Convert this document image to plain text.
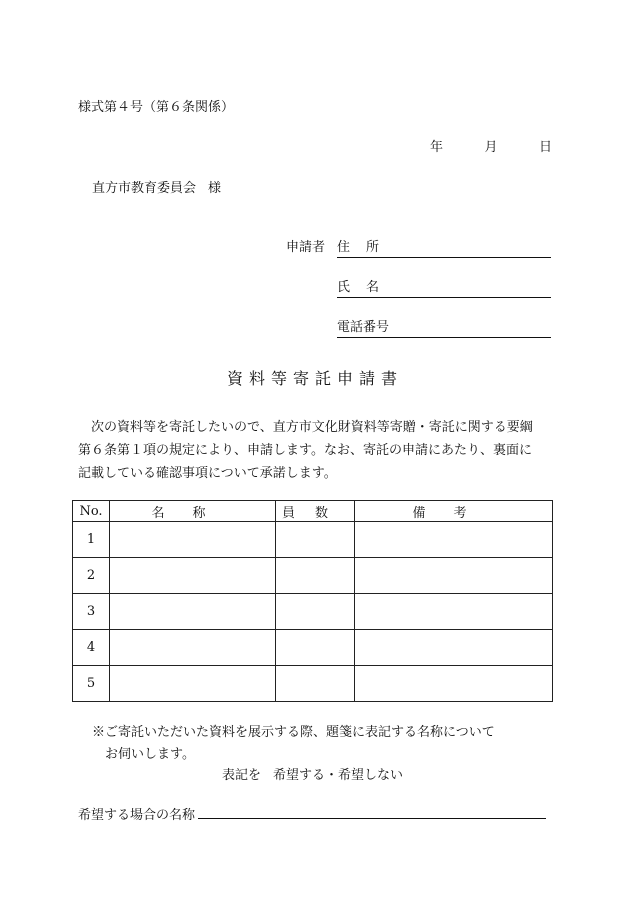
様式第４号（第６条関係）
年	月	日
直方市教育委員会 様
申請者 住所
氏名
電話番号
資料等寄託申請書
次の資料等を寄託したいので、直方市文化財資料等寄贈・寄託に関する要綱
第６条第１項の規定により、申請します。なお、寄託の申請にあたり、裏面に
記載している確認事項について承諾します。
No.	名称	員数	備考
1			
2			
3			
4			
5			
※ご寄託いただいた資料を展示する際、題箋に表記する名称について
お伺いします。
表記を 希望する・希望しない
希望する場合の名称
